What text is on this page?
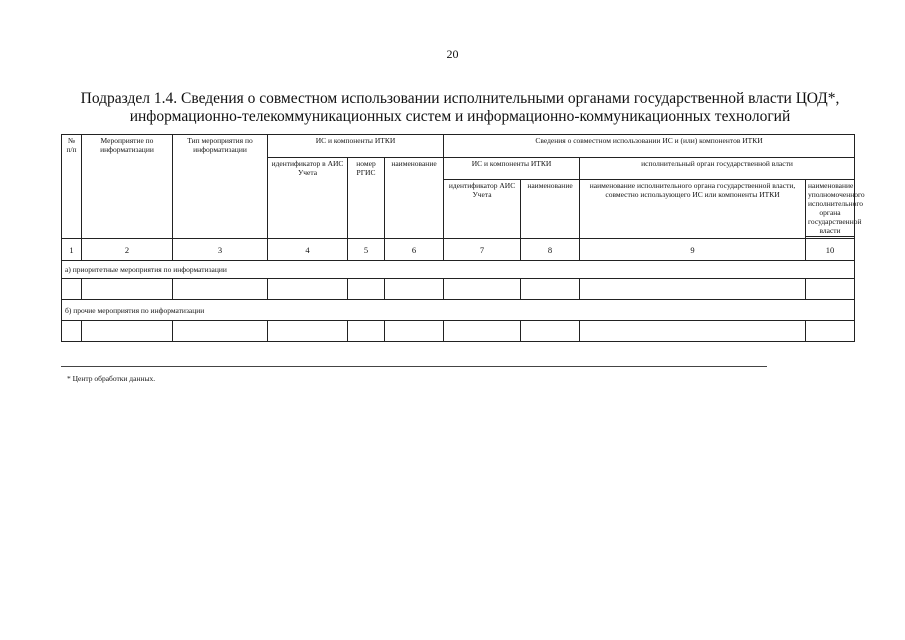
20
Подраздел 1.4. Сведения о совместном использовании исполнительными органами государственной власти ЦОД*,
информационно-телекоммуникационных систем и информационно-коммуникационных технологий
№ п/п	Мероприятие по информатизации	Тип мероприятия по информатизации	ИС и компоненты ИТКИ			Сведения о совместном использовании ИС и (или) компонентов ИТКИ			
			идентификатор в АИС Учета	номер РГИС	наименование	ИС и компоненты ИТКИ		исполнительный орган государственной власти	
						идентификатор АИС Учета	наименование	наименование исполнительного органа государственной власти, совместно использующего ИС или компоненты ИТКИ	наименование уполномоченного исполнительного органа государственной власти

1	2	3	4	5	6	7	8	9	10
а) приоритетные мероприятия по информатизации									

б) прочие мероприятия по информатизации									

* Центр обработки данных.
